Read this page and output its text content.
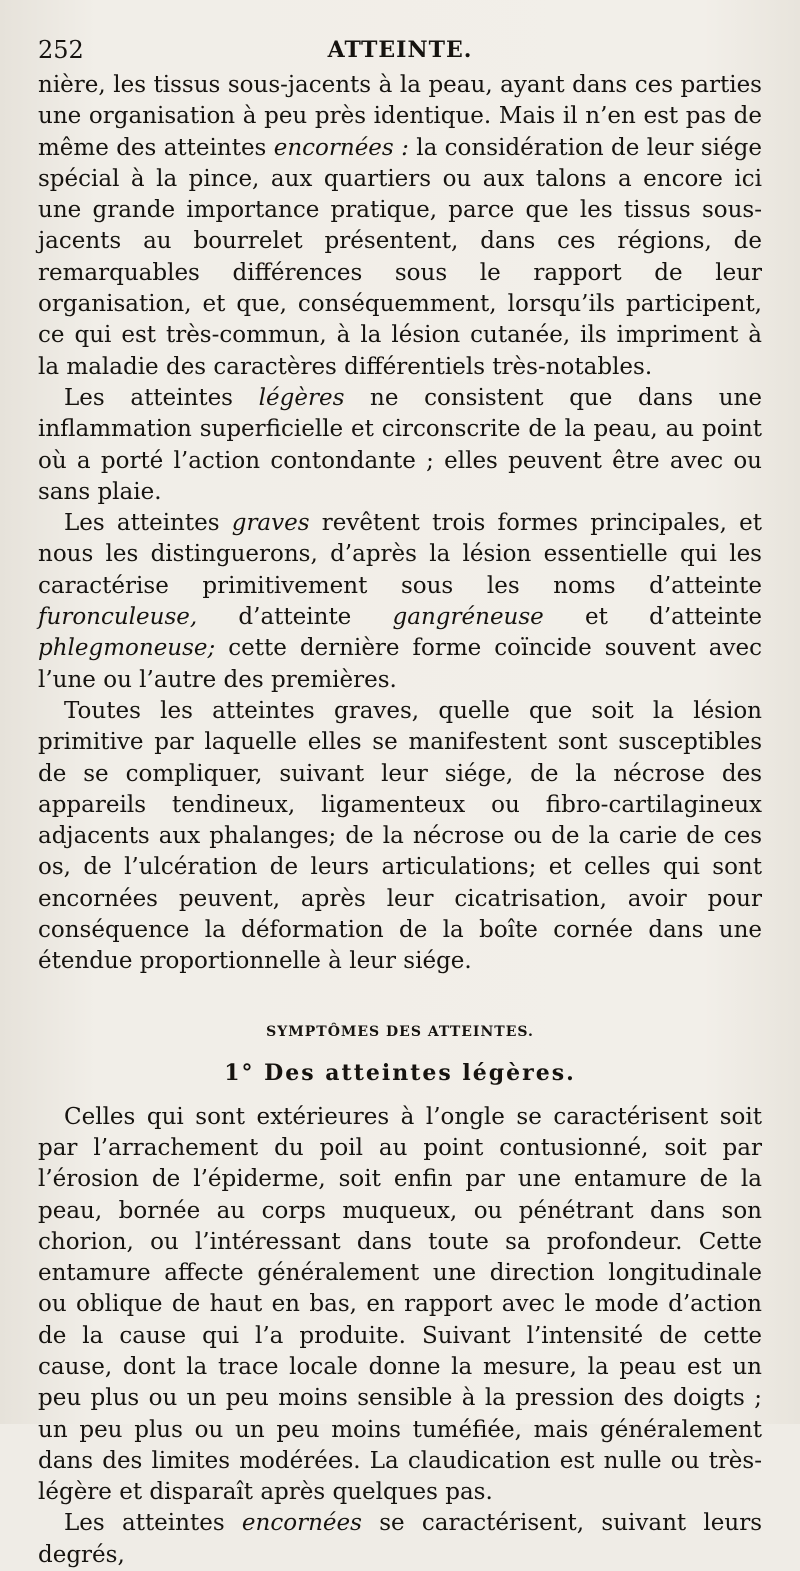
252	ATTEINTE.

nière, les tissus sous-jacents à la peau, ayant dans ces parties une organisation à peu près identique. Mais il n’en est pas de même des atteintes encornées : la considération de leur siége spécial à la pince, aux quartiers ou aux talons a encore ici une grande importance pratique, parce que les tissus sous-jacents au bourrelet présentent, dans ces régions, de remarquables différences sous le rapport de leur organisation, et que, conséquemment, lorsqu’ils participent, ce qui est très-commun, à la lésion cutanée, ils impriment à la maladie des caractères différentiels très-notables.

Les atteintes légères ne consistent que dans une inflammation superficielle et circonscrite de la peau, au point où a porté l’action contondante ; elles peuvent être avec ou sans plaie.

Les atteintes graves revêtent trois formes principales, et nous les distinguerons, d’après la lésion essentielle qui les caractérise primitivement sous les noms d’atteinte furonculeuse, d’atteinte gangréneuse et d’atteinte phlegmoneuse; cette dernière forme coïncide souvent avec l’une ou l’autre des premières.

Toutes les atteintes graves, quelle que soit la lésion primitive par laquelle elles se manifestent sont susceptibles de se compliquer, suivant leur siége, de la nécrose des appareils tendineux, ligamenteux ou fibro-cartilagineux adjacents aux phalanges; de la nécrose ou de la carie de ces os, de l’ulcération de leurs articulations; et celles qui sont encornées peuvent, après leur cicatrisation, avoir pour conséquence la déformation de la boîte cornée dans une étendue proportionnelle à leur siége.

SYMPTÔMES DES ATTEINTES.
1° Des atteintes légères.

Celles qui sont extérieures à l’ongle se caractérisent soit par l’arrachement du poil au point contusionné, soit par l’érosion de l’épiderme, soit enfin par une entamure de la peau, bornée au corps muqueux, ou pénétrant dans son chorion, ou l’intéressant dans toute sa profondeur. Cette entamure affecte généralement une direction longitudinale ou oblique de haut en bas, en rapport avec le mode d’action de la cause qui l’a produite. Suivant l’intensité de cette cause, dont la trace locale donne la mesure, la peau est un peu plus ou un peu moins sensible à la pression des doigts ; un peu plus ou un peu moins tuméfiée, mais généralement dans des limites modérées. La claudication est nulle ou très-légère et disparaît après quelques pas.

Les atteintes encornées se caractérisent, suivant leurs degrés,
